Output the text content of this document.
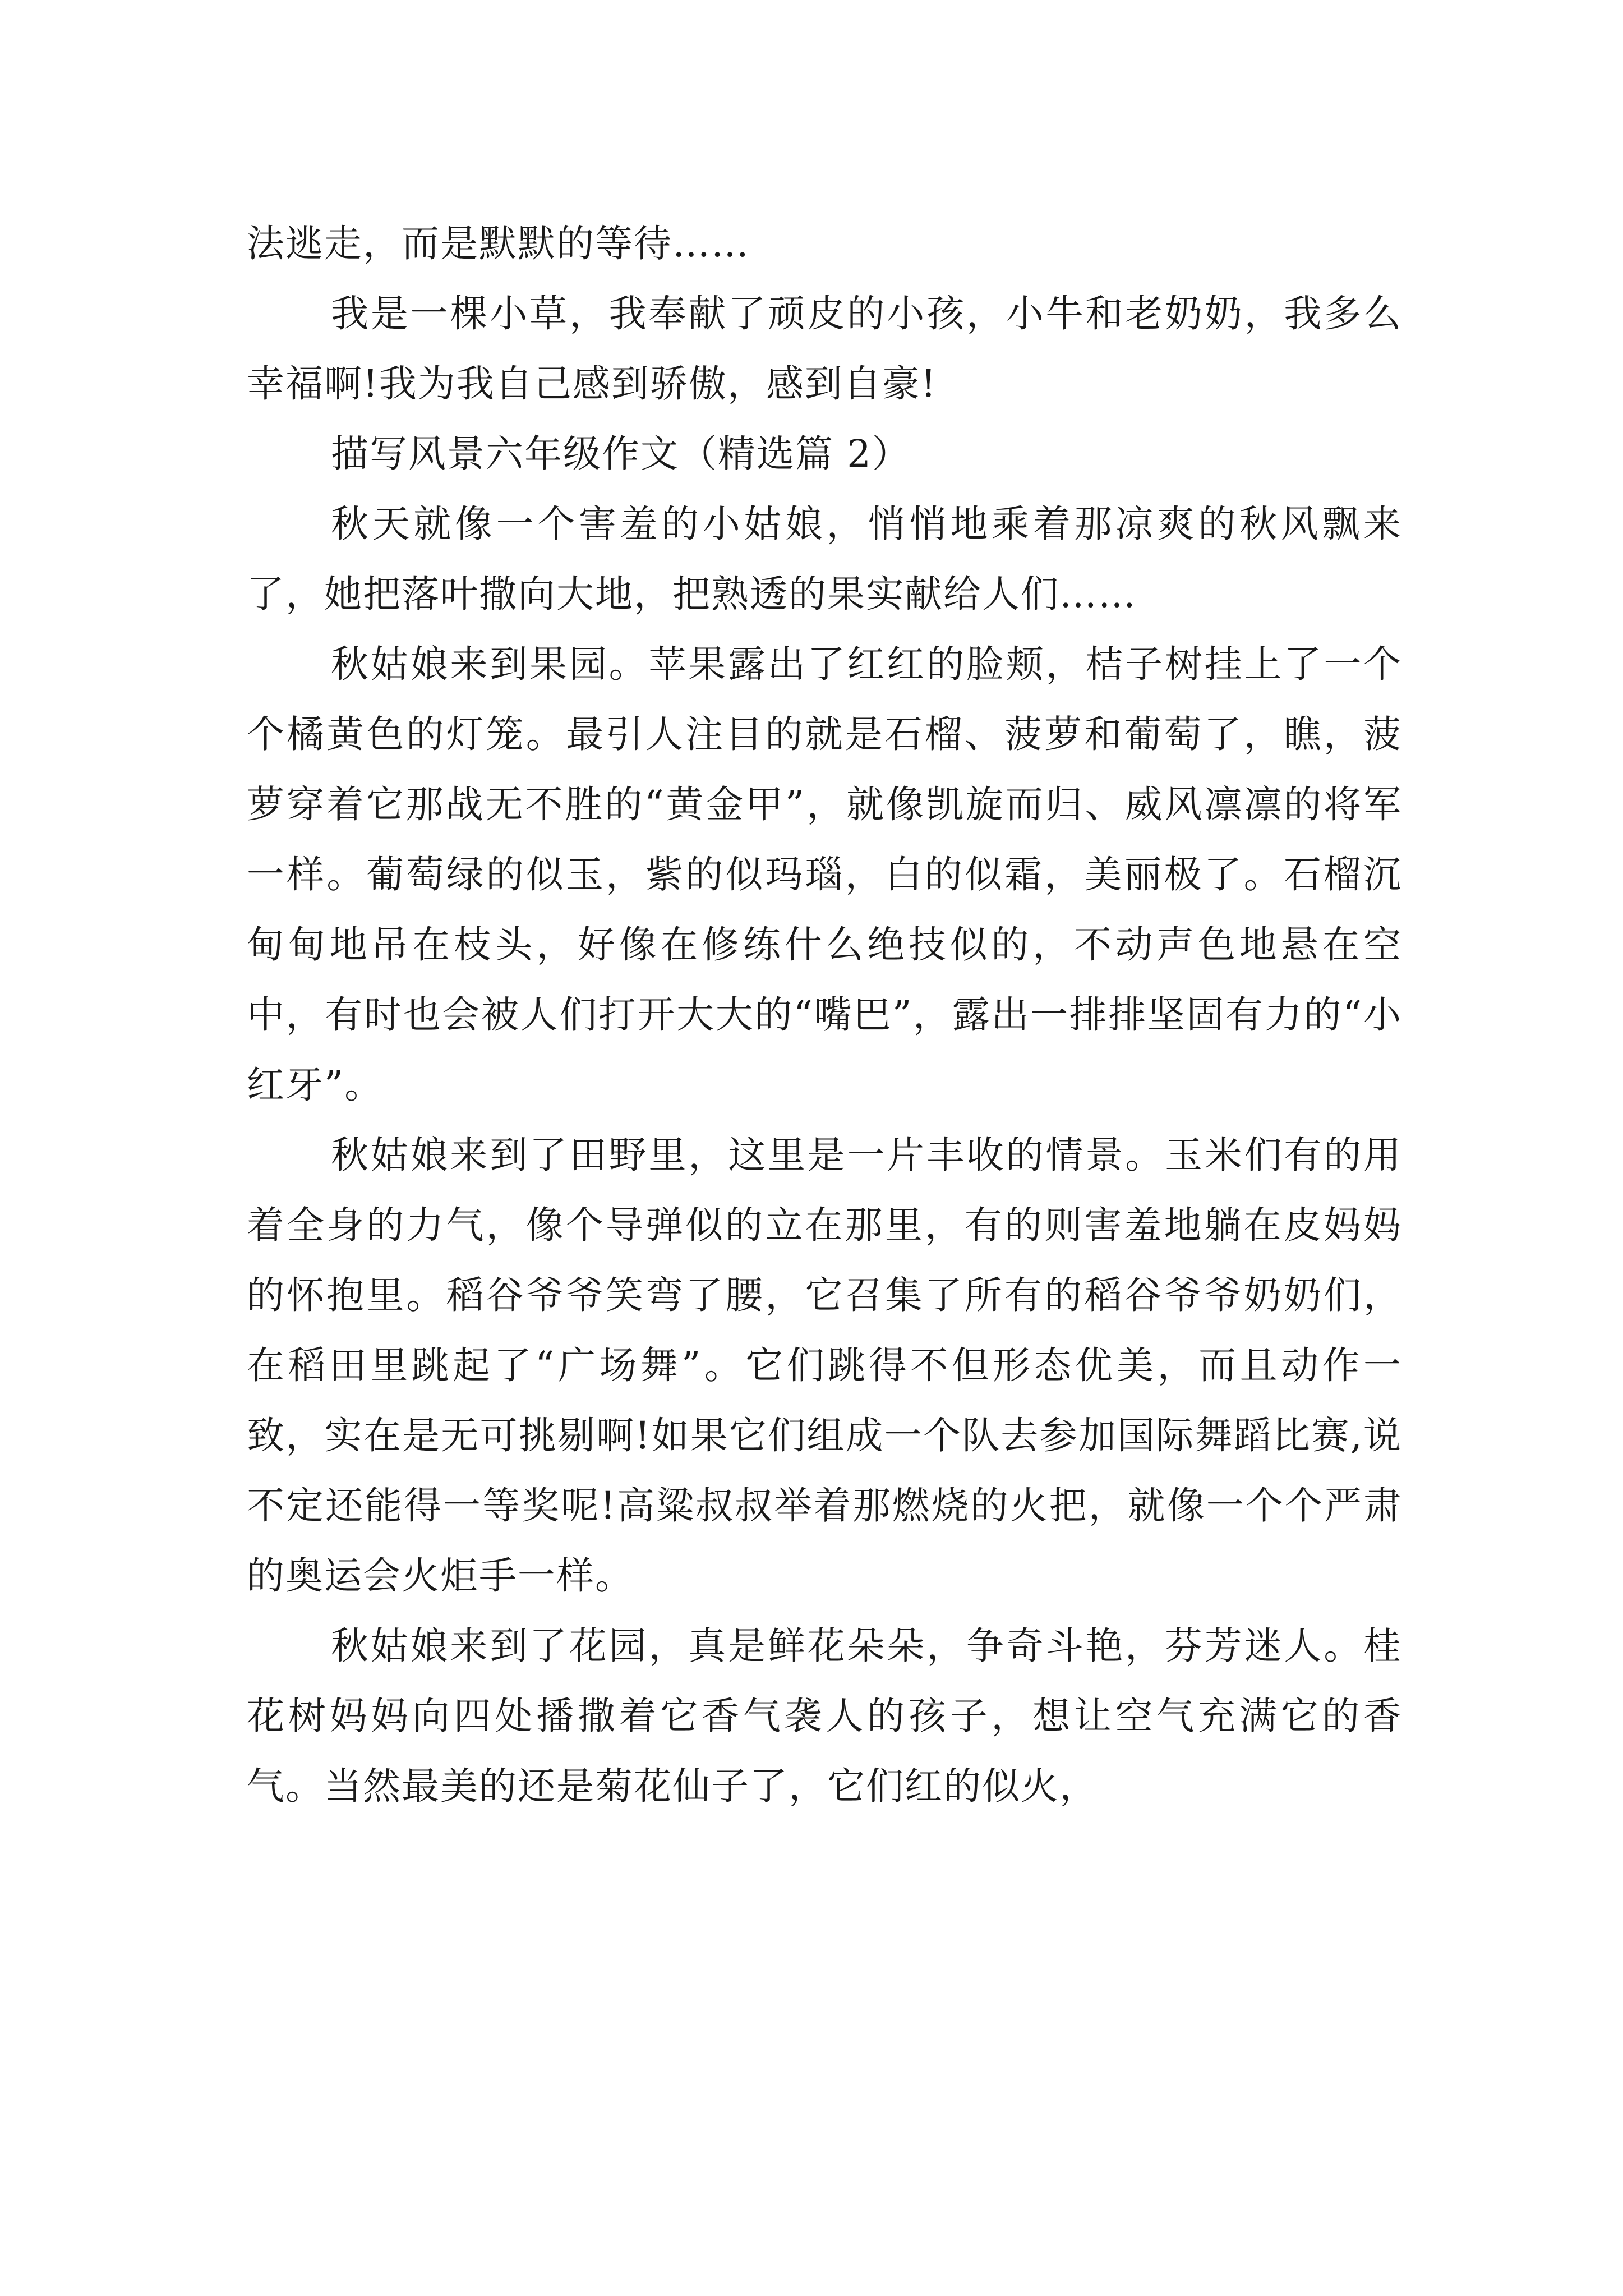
法逃走，而是默默的等待……

我是一棵小草，我奉献了顽皮的小孩，小牛和老奶奶，我多么幸福啊!我为我自己感到骄傲，感到自豪!

描写风景六年级作文（精选篇 2）

秋天就像一个害羞的小姑娘，悄悄地乘着那凉爽的秋风飘来了，她把落叶撒向大地，把熟透的果实献给人们……

秋姑娘来到果园。苹果露出了红红的脸颊，桔子树挂上了一个个橘黄色的灯笼。最引人注目的就是石榴、菠萝和葡萄了，瞧，菠萝穿着它那战无不胜的“黄金甲”，就像凯旋而归、威风凛凛的将军一样。葡萄绿的似玉，紫的似玛瑙，白的似霜，美丽极了。石榴沉甸甸地吊在枝头，好像在修练什么绝技似的，不动声色地悬在空中，有时也会被人们打开大大的“嘴巴”，露出一排排坚固有力的“小红牙”。

秋姑娘来到了田野里，这里是一片丰收的情景。玉米们有的用着全身的力气，像个导弹似的立在那里，有的则害羞地躺在皮妈妈的怀抱里。稻谷爷爷笑弯了腰，它召集了所有的稻谷爷爷奶奶们，在稻田里跳起了“广场舞”。它们跳得不但形态优美，而且动作一致，实在是无可挑剔啊!如果它们组成一个队去参加国际舞蹈比赛,说不定还能得一等奖呢!高粱叔叔举着那燃烧的火把，就像一个个严肃的奥运会火炬手一样。

秋姑娘来到了花园，真是鲜花朵朵，争奇斗艳，芬芳迷人。桂花树妈妈向四处播撒着它香气袭人的孩子，想让空气充满它的香气。当然最美的还是菊花仙子了，它们红的似火，
